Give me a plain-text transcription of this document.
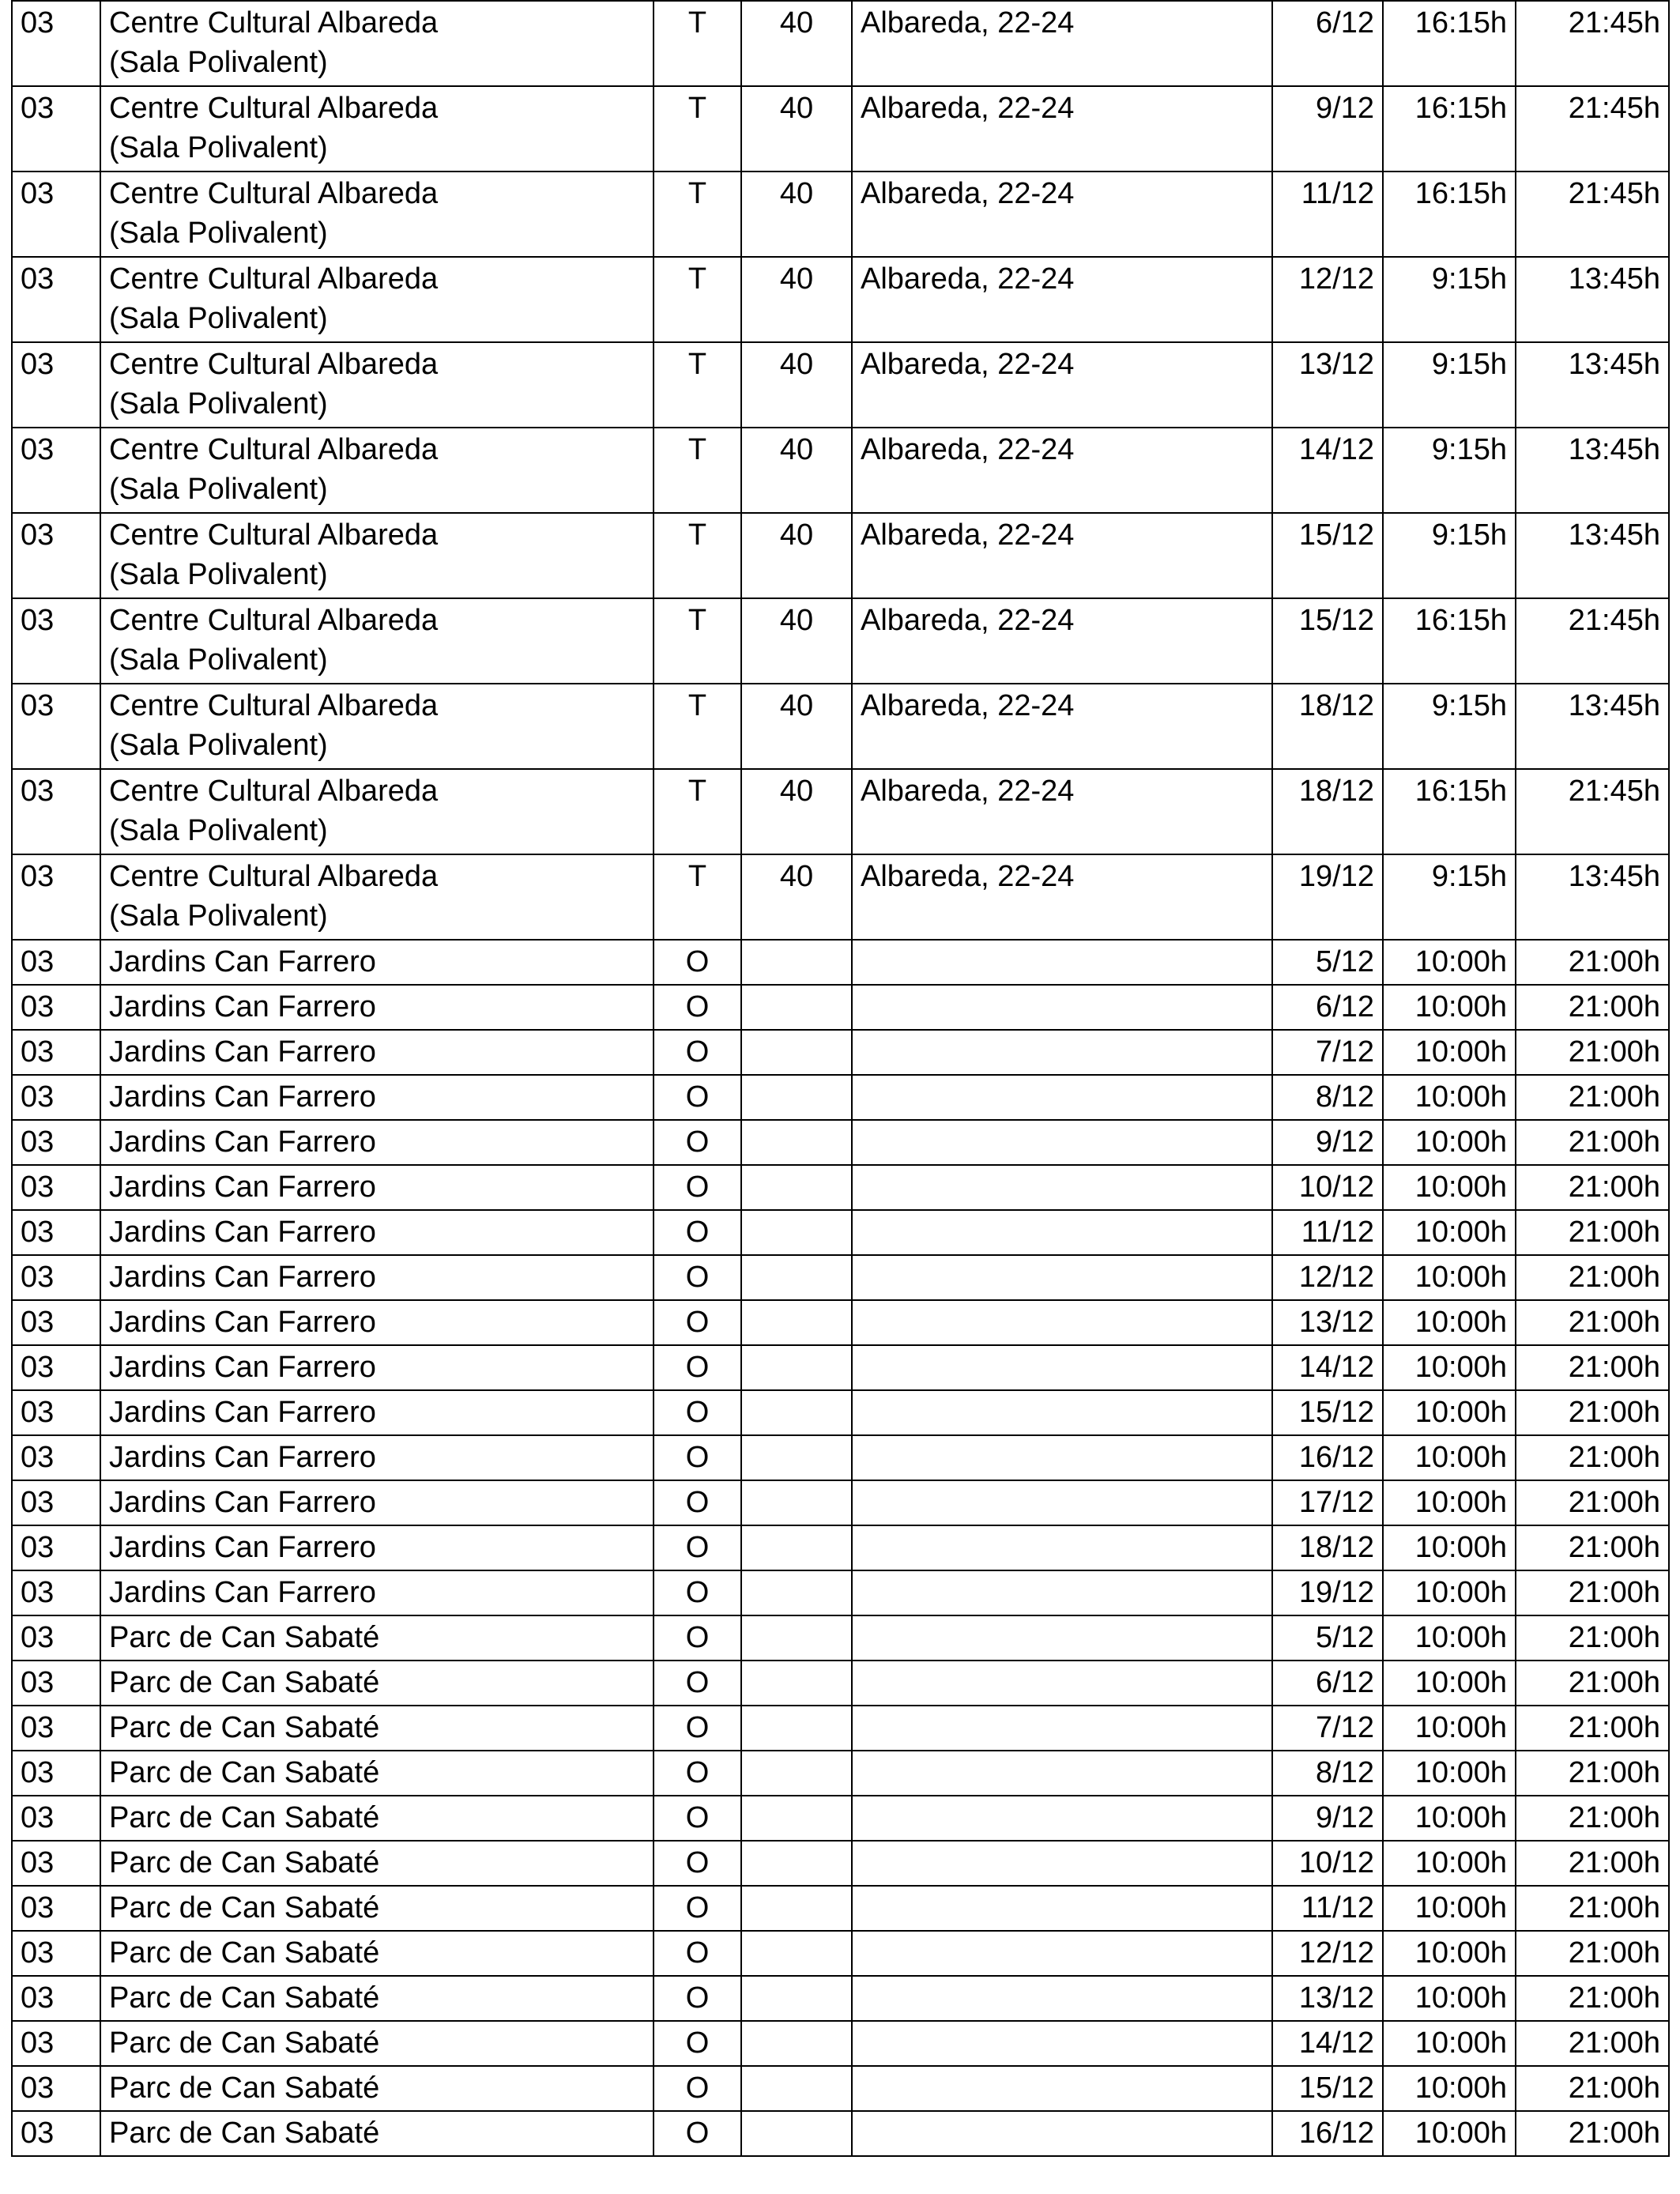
03	Centre Cultural Albareda
(Sala Polivalent)	T	40	Albareda, 22-24	6/12	16:15h	21:45h
03	Centre Cultural Albareda
(Sala Polivalent)	T	40	Albareda, 22-24	9/12	16:15h	21:45h
03	Centre Cultural Albareda
(Sala Polivalent)	T	40	Albareda, 22-24	11/12	16:15h	21:45h
03	Centre Cultural Albareda
(Sala Polivalent)	T	40	Albareda, 22-24	12/12	9:15h	13:45h
03	Centre Cultural Albareda
(Sala Polivalent)	T	40	Albareda, 22-24	13/12	9:15h	13:45h
03	Centre Cultural Albareda
(Sala Polivalent)	T	40	Albareda, 22-24	14/12	9:15h	13:45h
03	Centre Cultural Albareda
(Sala Polivalent)	T	40	Albareda, 22-24	15/12	9:15h	13:45h
03	Centre Cultural Albareda
(Sala Polivalent)	T	40	Albareda, 22-24	15/12	16:15h	21:45h
03	Centre Cultural Albareda
(Sala Polivalent)	T	40	Albareda, 22-24	18/12	9:15h	13:45h
03	Centre Cultural Albareda
(Sala Polivalent)	T	40	Albareda, 22-24	18/12	16:15h	21:45h
03	Centre Cultural Albareda
(Sala Polivalent)	T	40	Albareda, 22-24	19/12	9:15h	13:45h
03	Jardins Can Farrero	O			5/12	10:00h	21:00h
03	Jardins Can Farrero	O			6/12	10:00h	21:00h
03	Jardins Can Farrero	O			7/12	10:00h	21:00h
03	Jardins Can Farrero	O			8/12	10:00h	21:00h
03	Jardins Can Farrero	O			9/12	10:00h	21:00h
03	Jardins Can Farrero	O			10/12	10:00h	21:00h
03	Jardins Can Farrero	O			11/12	10:00h	21:00h
03	Jardins Can Farrero	O			12/12	10:00h	21:00h
03	Jardins Can Farrero	O			13/12	10:00h	21:00h
03	Jardins Can Farrero	O			14/12	10:00h	21:00h
03	Jardins Can Farrero	O			15/12	10:00h	21:00h
03	Jardins Can Farrero	O			16/12	10:00h	21:00h
03	Jardins Can Farrero	O			17/12	10:00h	21:00h
03	Jardins Can Farrero	O			18/12	10:00h	21:00h
03	Jardins Can Farrero	O			19/12	10:00h	21:00h
03	Parc de Can Sabaté	O			5/12	10:00h	21:00h
03	Parc de Can Sabaté	O			6/12	10:00h	21:00h
03	Parc de Can Sabaté	O			7/12	10:00h	21:00h
03	Parc de Can Sabaté	O			8/12	10:00h	21:00h
03	Parc de Can Sabaté	O			9/12	10:00h	21:00h
03	Parc de Can Sabaté	O			10/12	10:00h	21:00h
03	Parc de Can Sabaté	O			11/12	10:00h	21:00h
03	Parc de Can Sabaté	O			12/12	10:00h	21:00h
03	Parc de Can Sabaté	O			13/12	10:00h	21:00h
03	Parc de Can Sabaté	O			14/12	10:00h	21:00h
03	Parc de Can Sabaté	O			15/12	10:00h	21:00h
03	Parc de Can Sabaté	O			16/12	10:00h	21:00h
